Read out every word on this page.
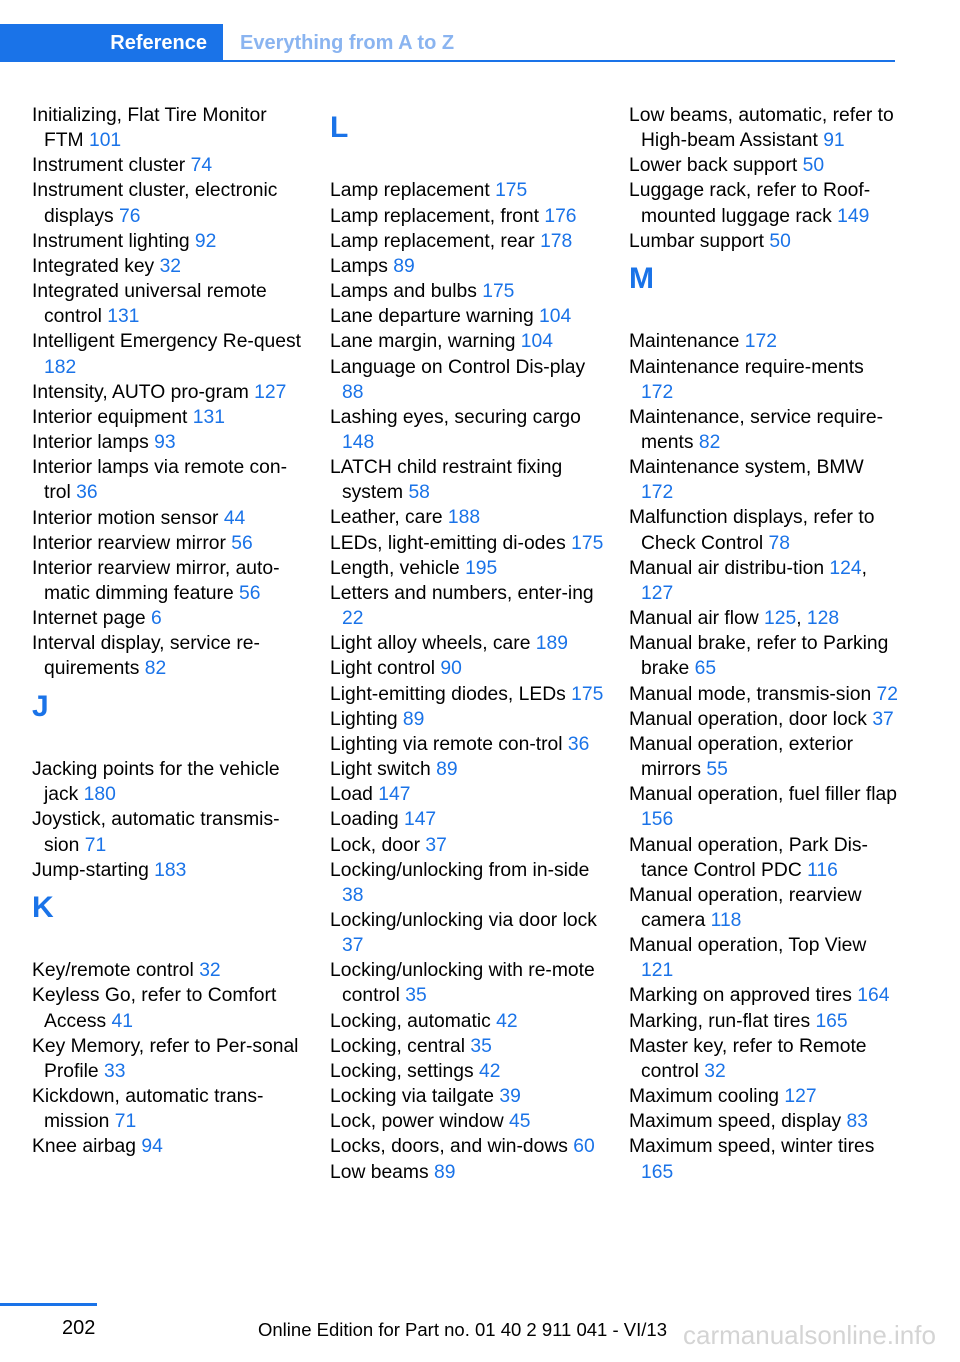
Reference	Everything from A to Z
Initializing, Flat Tire Monitor FTM 101
Instrument cluster 74
Instrument cluster, electronic displays 76
Instrument lighting 92
Integrated key 32
Integrated universal remote control 131
Intelligent Emergency Re‐quest 182
Intensity, AUTO pro‐gram 127
Interior equipment 131
Interior lamps 93
Interior lamps via remote con‐trol 36
Interior motion sensor 44
Interior rearview mirror 56
Interior rearview mirror, auto‐matic dimming feature 56
Internet page 6
Interval display, service re‐quirements 82
J
Jacking points for the vehicle jack 180
Joystick, automatic transmis‐sion 71
Jump-starting 183
K
Key/remote control 32
Keyless Go, refer to Comfort Access 41
Key Memory, refer to Per‐sonal Profile 33
Kickdown, automatic trans‐mission 71
Knee airbag 94
L
Lamp replacement 175
Lamp replacement, front 176
Lamp replacement, rear 178
Lamps 89
Lamps and bulbs 175
Lane departure warning 104
Lane margin, warning 104
Language on Control Dis‐play 88
Lashing eyes, securing cargo 148
LATCH child restraint fixing system 58
Leather, care 188
LEDs, light-emitting di‐odes 175
Length, vehicle 195
Letters and numbers, enter‐ing 22
Light alloy wheels, care 189
Light control 90
Light-emitting diodes, LEDs 175
Lighting 89
Lighting via remote con‐trol 36
Light switch 89
Load 147
Loading 147
Lock, door 37
Locking/unlocking from in‐side 38
Locking/unlocking via door lock 37
Locking/unlocking with re‐mote control 35
Locking, automatic 42
Locking, central 35
Locking, settings 42
Locking via tailgate 39
Lock, power window 45
Locks, doors, and win‐dows 60
Low beams 89
Low beams, automatic, refer to High-beam Assistant 91
Lower back support 50
Luggage rack, refer to Roof-mounted luggage rack 149
Lumbar support 50
M
Maintenance 172
Maintenance require‐ments 172
Maintenance, service require‐ments 82
Maintenance system, BMW 172
Malfunction displays, refer to Check Control 78
Manual air distribu‐tion 124, 127
Manual air flow 125, 128
Manual brake, refer to Parking brake 65
Manual mode, transmis‐sion 72
Manual operation, door lock 37
Manual operation, exterior mirrors 55
Manual operation, fuel filler flap 156
Manual operation, Park Dis‐tance Control PDC 116
Manual operation, rearview camera 118
Manual operation, Top View 121
Marking on approved tires 164
Marking, run-flat tires 165
Master key, refer to Remote control 32
Maximum cooling 127
Maximum speed, display 83
Maximum speed, winter tires 165
202	Online Edition for Part no. 01 40 2 911 041 - VI/13 carmanualsonline.info
